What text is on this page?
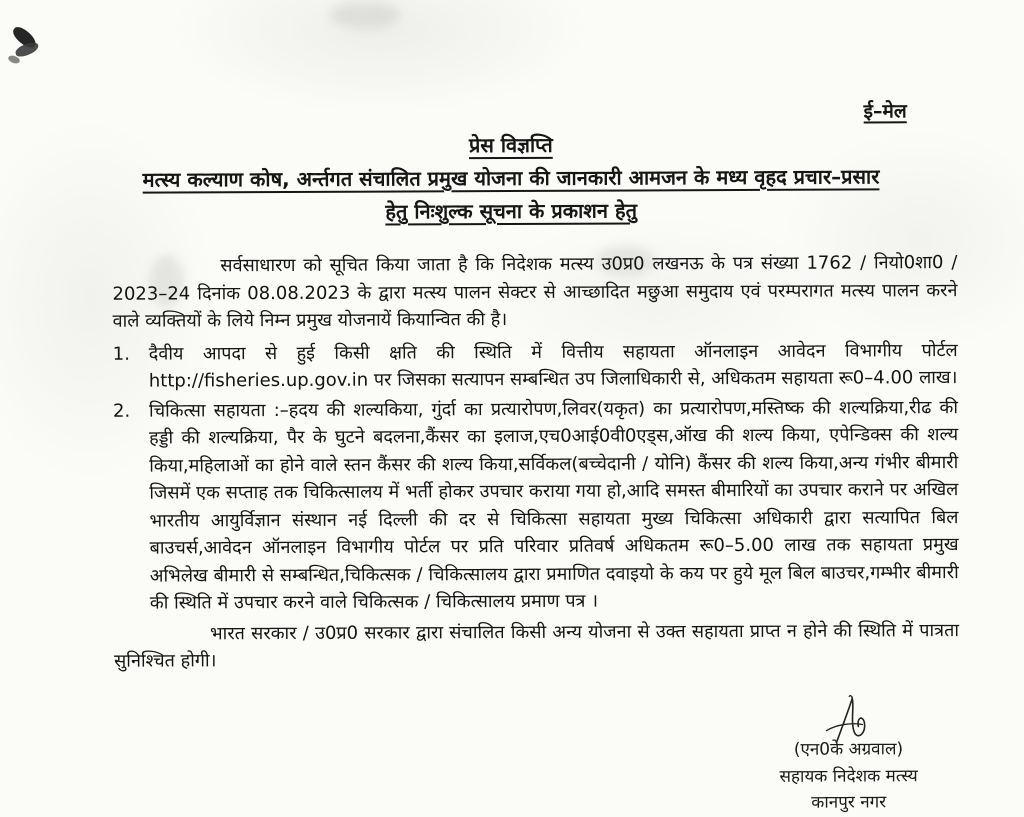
ई–मेल
प्रेस विज्ञप्ति
मत्स्य कल्याण कोष, अर्न्तगत संचालित प्रमुख योजना की जानकारी आमजन के मध्य वृहद प्रचार–प्रसार
हेतु निःशुल्क सूचना के प्रकाशन हेतु

सर्वसाधारण को सूचित किया जाता है कि निदेशक मत्स्य उ0प्र0 लखनऊ के पत्र संख्या 1762 / नियो0शा0 / 2023–24 दिनांक 08.08.2023 के द्वारा मत्स्य पालन सेक्टर से आच्छादित मछुआ समुदाय एवं परम्परागत मत्स्य पालन करने वाले व्यक्तियों के लिये निम्न प्रमुख योजनायें कियान्वित की है।

1.	दैवीय आपदा से हुई किसी क्षति की स्थिति में वित्तीय सहायता ऑनलाइन आवेदन विभागीय पोर्टल http://fisheries.up.gov.in पर जिसका सत्यापन सम्बन्धित उप जिलाधिकारी से, अधिकतम सहायता रू0–4.00 लाख।

2.	चिकित्सा सहायता :–हदय की शल्यकिया, गुंर्दा का प्रत्यारोपण,लिवर(यकृत) का प्रत्यारोपण,मस्तिष्क की शल्यक्रिया,रीढ की हड्डी की शल्यक्रिया, पैर के घुटने बदलना,कैंसर का इलाज,एच0आई0वी0एड्स,ऑख की शल्य किया, एपेन्डिक्स की शल्य किया,महिलाओं का होने वाले स्तन कैंसर की शल्य किया,सर्विकल(बच्चेदानी / योनि) कैंसर की शल्य किया,अन्य गंभीर बीमारी जिसमें एक सप्ताह तक चिकित्सालय में भर्ती होकर उपचार कराया गया हो,आदि समस्त बीमारियों का उपचार कराने पर अखिल भारतीय आयुर्विज्ञान संस्थान नई दिल्ली की दर से चिकित्सा सहायता मुख्य चिकित्सा अधिकारी द्वारा सत्यापित बिल बाउचर्स,आवेदन ऑनलाइन विभागीय पोर्टल पर प्रति परिवार प्रतिवर्ष अधिकतम रू0–5.00 लाख तक सहायता प्रमुख अभिलेख बीमारी से सम्बन्धित,चिकित्सक / चिकित्सालय द्वारा प्रमाणित दवाइयो के कय पर हुये मूल बिल बाउचर,गम्भीर बीमारी की स्थिति में उपचार करने वाले चिकित्सक / चिकित्सालय प्रमाण पत्र ।

भारत सरकार / उ0प्र0 सरकार द्वारा संचालित किसी अन्य योजना से उक्त सहायता प्राप्त न होने की स्थिति में पात्रता सुनिश्चित होगी।

(एन0के अग्रवाल)
सहायक निदेशक मत्स्य
कानपुर नगर
